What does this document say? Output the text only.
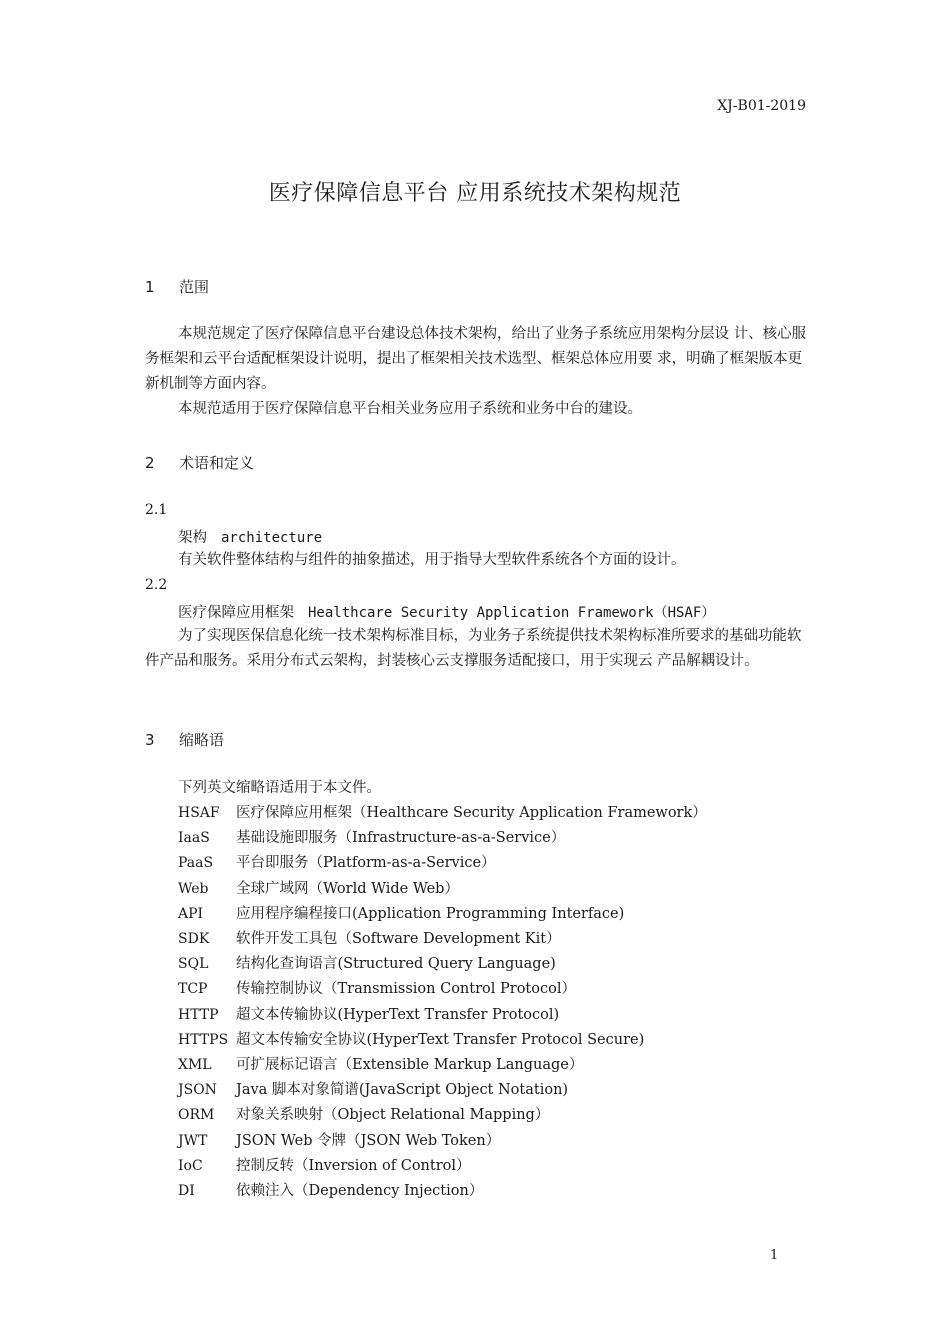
XJ-B01-2019
医疗保障信息平台 应用系统技术架构规范
1 范围
本规范规定了医疗保障信息平台建设总体技术架构，给出了业务子系统应用架构分层设 计、核心服务框架和云平台适配框架设计说明，提出了框架相关技术选型、框架总体应用要 求，明确了框架版本更新机制等方面内容。
本规范适用于医疗保障信息平台相关业务应用子系统和业务中台的建设。
2 术语和定义
2.1
架构 architecture
有关软件整体结构与组件的抽象描述，用于指导大型软件系统各个方面的设计。
2.2
医疗保障应用框架 Healthcare Security Application Framework（HSAF）
为了实现医保信息化统一技术架构标准目标，为业务子系统提供技术架构标准所要求的基础功能软件产品和服务。采用分布式云架构，封装核心云支撑服务适配接口，用于实现云 产品解耦设计。
3 缩略语
下列英文缩略语适用于本文件。
HSAF 医疗保障应用框架（Healthcare Security Application Framework）
IaaS 基础设施即服务（Infrastructure-as-a-Service）
PaaS 平台即服务（Platform-as-a-Service）
Web 全球广域网（World Wide Web）
API 应用程序编程接口(Application Programming Interface)
SDK 软件开发工具包（Software Development Kit）
SQL 结构化查询语言(Structured Query Language)
TCP 传输控制协议（Transmission Control Protocol）
HTTP 超文本传输协议(HyperText Transfer Protocol)
HTTPS 超文本传输安全协议(HyperText Transfer Protocol Secure)
XML 可扩展标记语言（Extensible Markup Language）
JSON Java 脚本对象简谱(JavaScript Object Notation)
ORM 对象关系映射（Object Relational Mapping）
JWT JSON Web 令牌（JSON Web Token）
IoC 控制反转（Inversion of Control）
DI	依赖注入（Dependency Injection）
1
